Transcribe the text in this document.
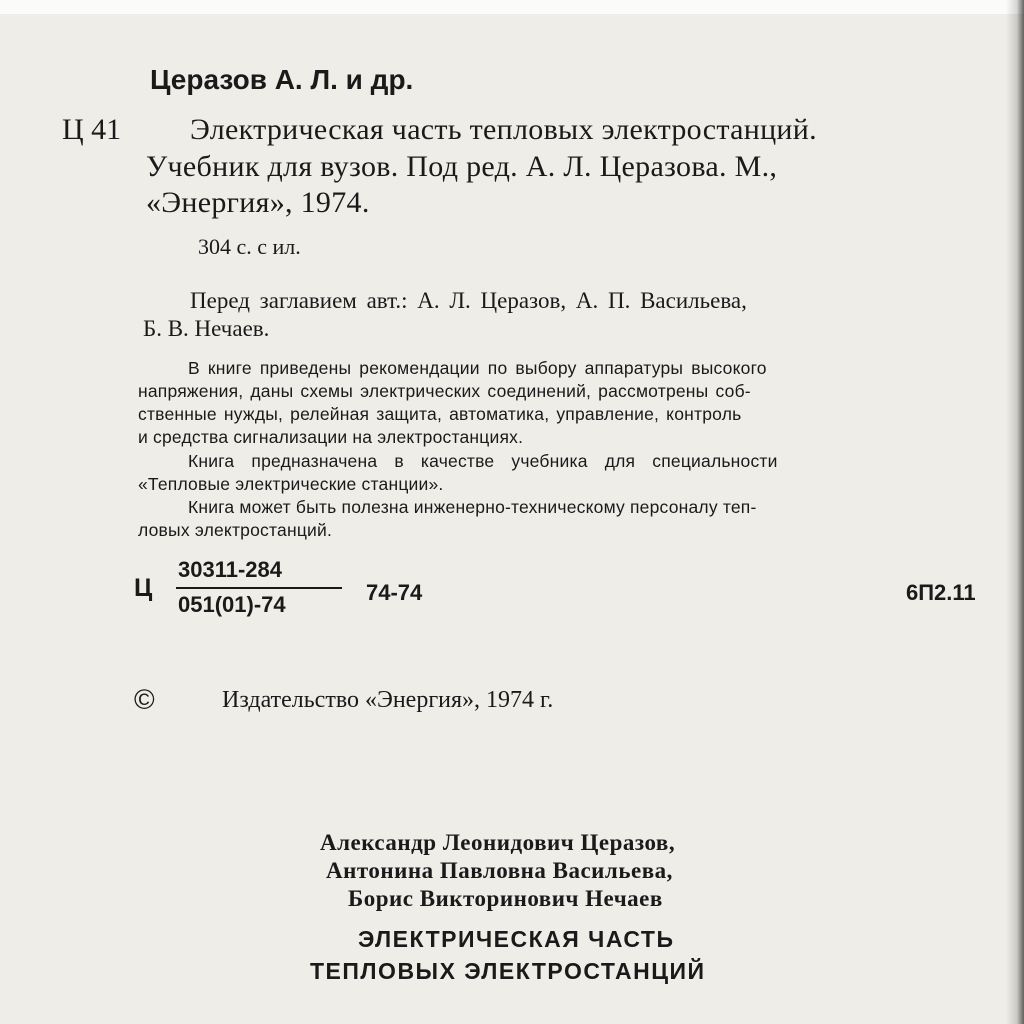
Церазов А. Л. и др.
Ц 41 Электрическая часть тепловых электростанций.
Учебник для вузов. Под ред. А. Л. Церазова. М.,
«Энергия», 1974.
304 с. с ил.
Перед заглавием авт.: А. Л. Церазов, А. П. Васильева,
Б. В. Нечаев.
В книге приведены рекомендации по выбору аппаратуры высокого
напряжения, даны схемы электрических соединений, рассмотрены соб-
ственные нужды, релейная защита, автоматика, управление, контроль
и средства сигнализации на электростанциях.
Книга предназначена в качестве учебника для специальности
«Тепловые электрические станции».
Книга может быть полезна инженерно-техническому персоналу теп-
ловых электростанций.
Ц
30311-284
051(01)-74	74-74	6П2.11
©	Издательство «Энергия», 1974 г.
Александр Леонидович Церазов,
Антонина Павловна Васильева,
Борис Викторинович Нечаев
ЭЛЕКТРИЧЕСКАЯ ЧАСТЬ
ТЕПЛОВЫХ ЭЛЕКТРОСТАНЦИЙ
